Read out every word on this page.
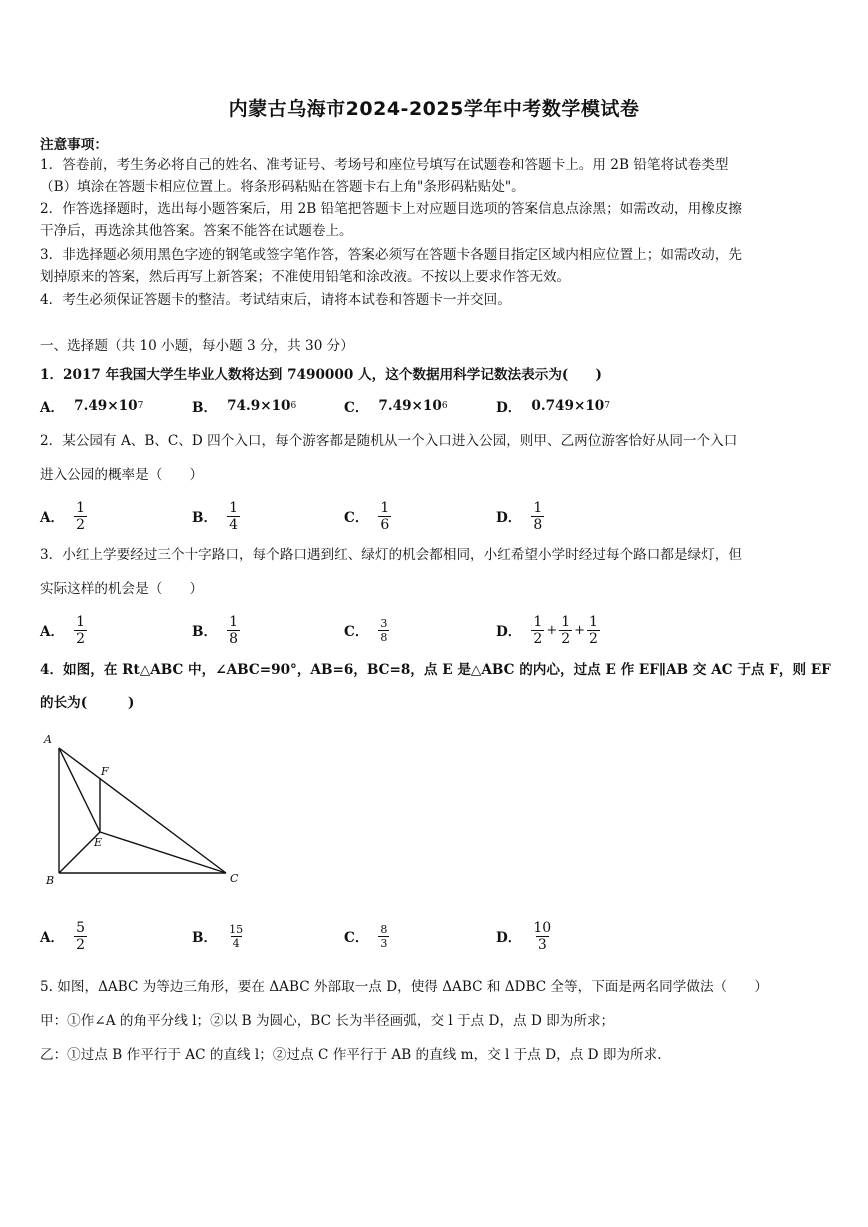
内蒙古乌海市2024-2025学年中考数学模试卷
注意事项：
1．答卷前，考生务必将自己的姓名、准考证号、考场号和座位号填写在试题卷和答题卡上。用 2B 铅笔将试卷类型
（B）填涂在答题卡相应位置上。将条形码粘贴在答题卡右上角"条形码粘贴处"。
2．作答选择题时，选出每小题答案后，用 2B 铅笔把答题卡上对应题目选项的答案信息点涂黑；如需改动，用橡皮擦
干净后，再选涂其他答案。答案不能答在试题卷上。
3．非选择题必须用黑色字迹的钢笔或签字笔作答，答案必须写在答题卡各题目指定区域内相应位置上；如需改动，先
划掉原来的答案，然后再写上新答案；不准使用铅笔和涂改液。不按以上要求作答无效。
4．考生必须保证答题卡的整洁。考试结束后，请将本试卷和答题卡一并交回。
一、选择题（共 10 小题，每小题 3 分，共 30 分）
1．2017 年我国大学生毕业人数将达到 7490000 人，这个数据用科学记数法表示为(　　)
A． 7.49×10 7	B． 74.9×10 6	C． 7.49×10 6	D． 0.749×10 7
2．某公园有 A、B、C、D 四个入口，每个游客都是随机从一个入口进入公园，则甲、乙两位游客恰好从同一个入口
进入公园的概率是（　　）
A． $\frac{1}{2}$	B． $\frac{1}{4}$	C． $\frac{1}{6}$	D． $\frac{1}{8}$
3．小红上学要经过三个十字路口，每个路口遇到红、绿灯的机会都相同，小红希望小学时经过每个路口都是绿灯，但
实际这样的机会是（　　）
A． $\frac{1}{2}$	B． $\frac{1}{8}$	C． $\frac{3}{8}$	D． $\frac{1}{2} + \frac{1}{2} + \frac{1}{2}$
4．如图，在 Rt△ABC 中，∠ABC=90°，AB=6，BC=8，点 E 是△ABC 的内心，过点 E 作 EF∥AB 交 AC 于点 F，则 EF
的长为(　　　)
A
B	C
E
F
A． $\frac{5}{2}$	B． $\frac{15}{4}$	C． $\frac{8}{3}$	D． $\frac{10}{3}$
5. 如图，ΔABC 为等边三角形，要在 ΔABC 外部取一点 D，使得 ΔABC 和 ΔDBC 全等，下面是两名同学做法（　　）
甲：①作∠A 的角平分线 l；②以 B 为圆心，BC 长为半径画弧，交 l 于点 D，点 D 即为所求；
乙：①过点 B 作平行于 AC 的直线 l；②过点 C 作平行于 AB 的直线 m，交 l 于点 D，点 D 即为所求.
